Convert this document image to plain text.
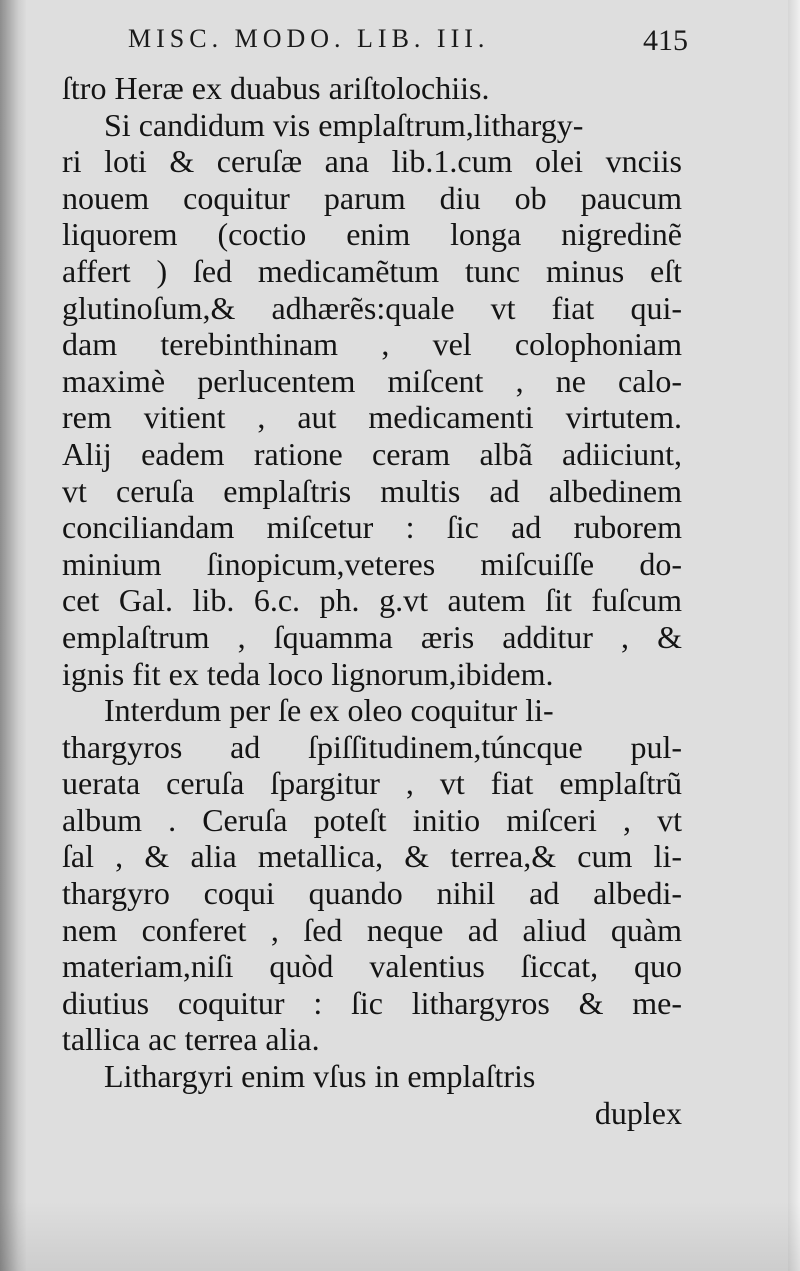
MISC. MODO. LIB. III.	415
ſtro Heræ ex duabus ariſtolochiis.
Si candidum vis emplaſtrum,lithargy-
ri loti & ceruſæ ana lib.1.cum olei vnciis
nouem coquitur parum diu ob paucum
liquorem (coctio enim longa nigredinẽ
affert ) ſed medicamẽtum tunc minus eſt
glutinoſum,& adhærẽs:quale vt fiat qui-
dam terebinthinam , vel colophoniam
maximè perlucentem miſcent , ne calo-
rem vitient , aut medicamenti virtutem.
Alij eadem ratione ceram albã adiiciunt,
vt ceruſa emplaſtris multis ad albedinem
conciliandam miſcetur : ſic ad ruborem
minium ſinopicum,veteres miſcuiſſe do-
cet Gal. lib. 6.c. ph. g.vt autem ſit fuſcum
emplaſtrum , ſquamma æris additur , &
ignis fit ex teda loco lignorum,ibidem.
Interdum per ſe ex oleo coquitur li-
thargyros ad ſpiſſitudinem,túncque pul-
uerata ceruſa ſpargitur , vt fiat emplaſtrũ
album . Ceruſa poteſt initio miſceri , vt
ſal , & alia metallica, & terrea,& cum li-
thargyro coqui quando nihil ad albedi-
nem conferet , ſed neque ad aliud quàm
materiam,niſi quòd valentius ſiccat, quo
diutius coquitur : ſic lithargyros & me-
tallica ac terrea alia.
Lithargyri enim vſus in emplaſtris
duplex
